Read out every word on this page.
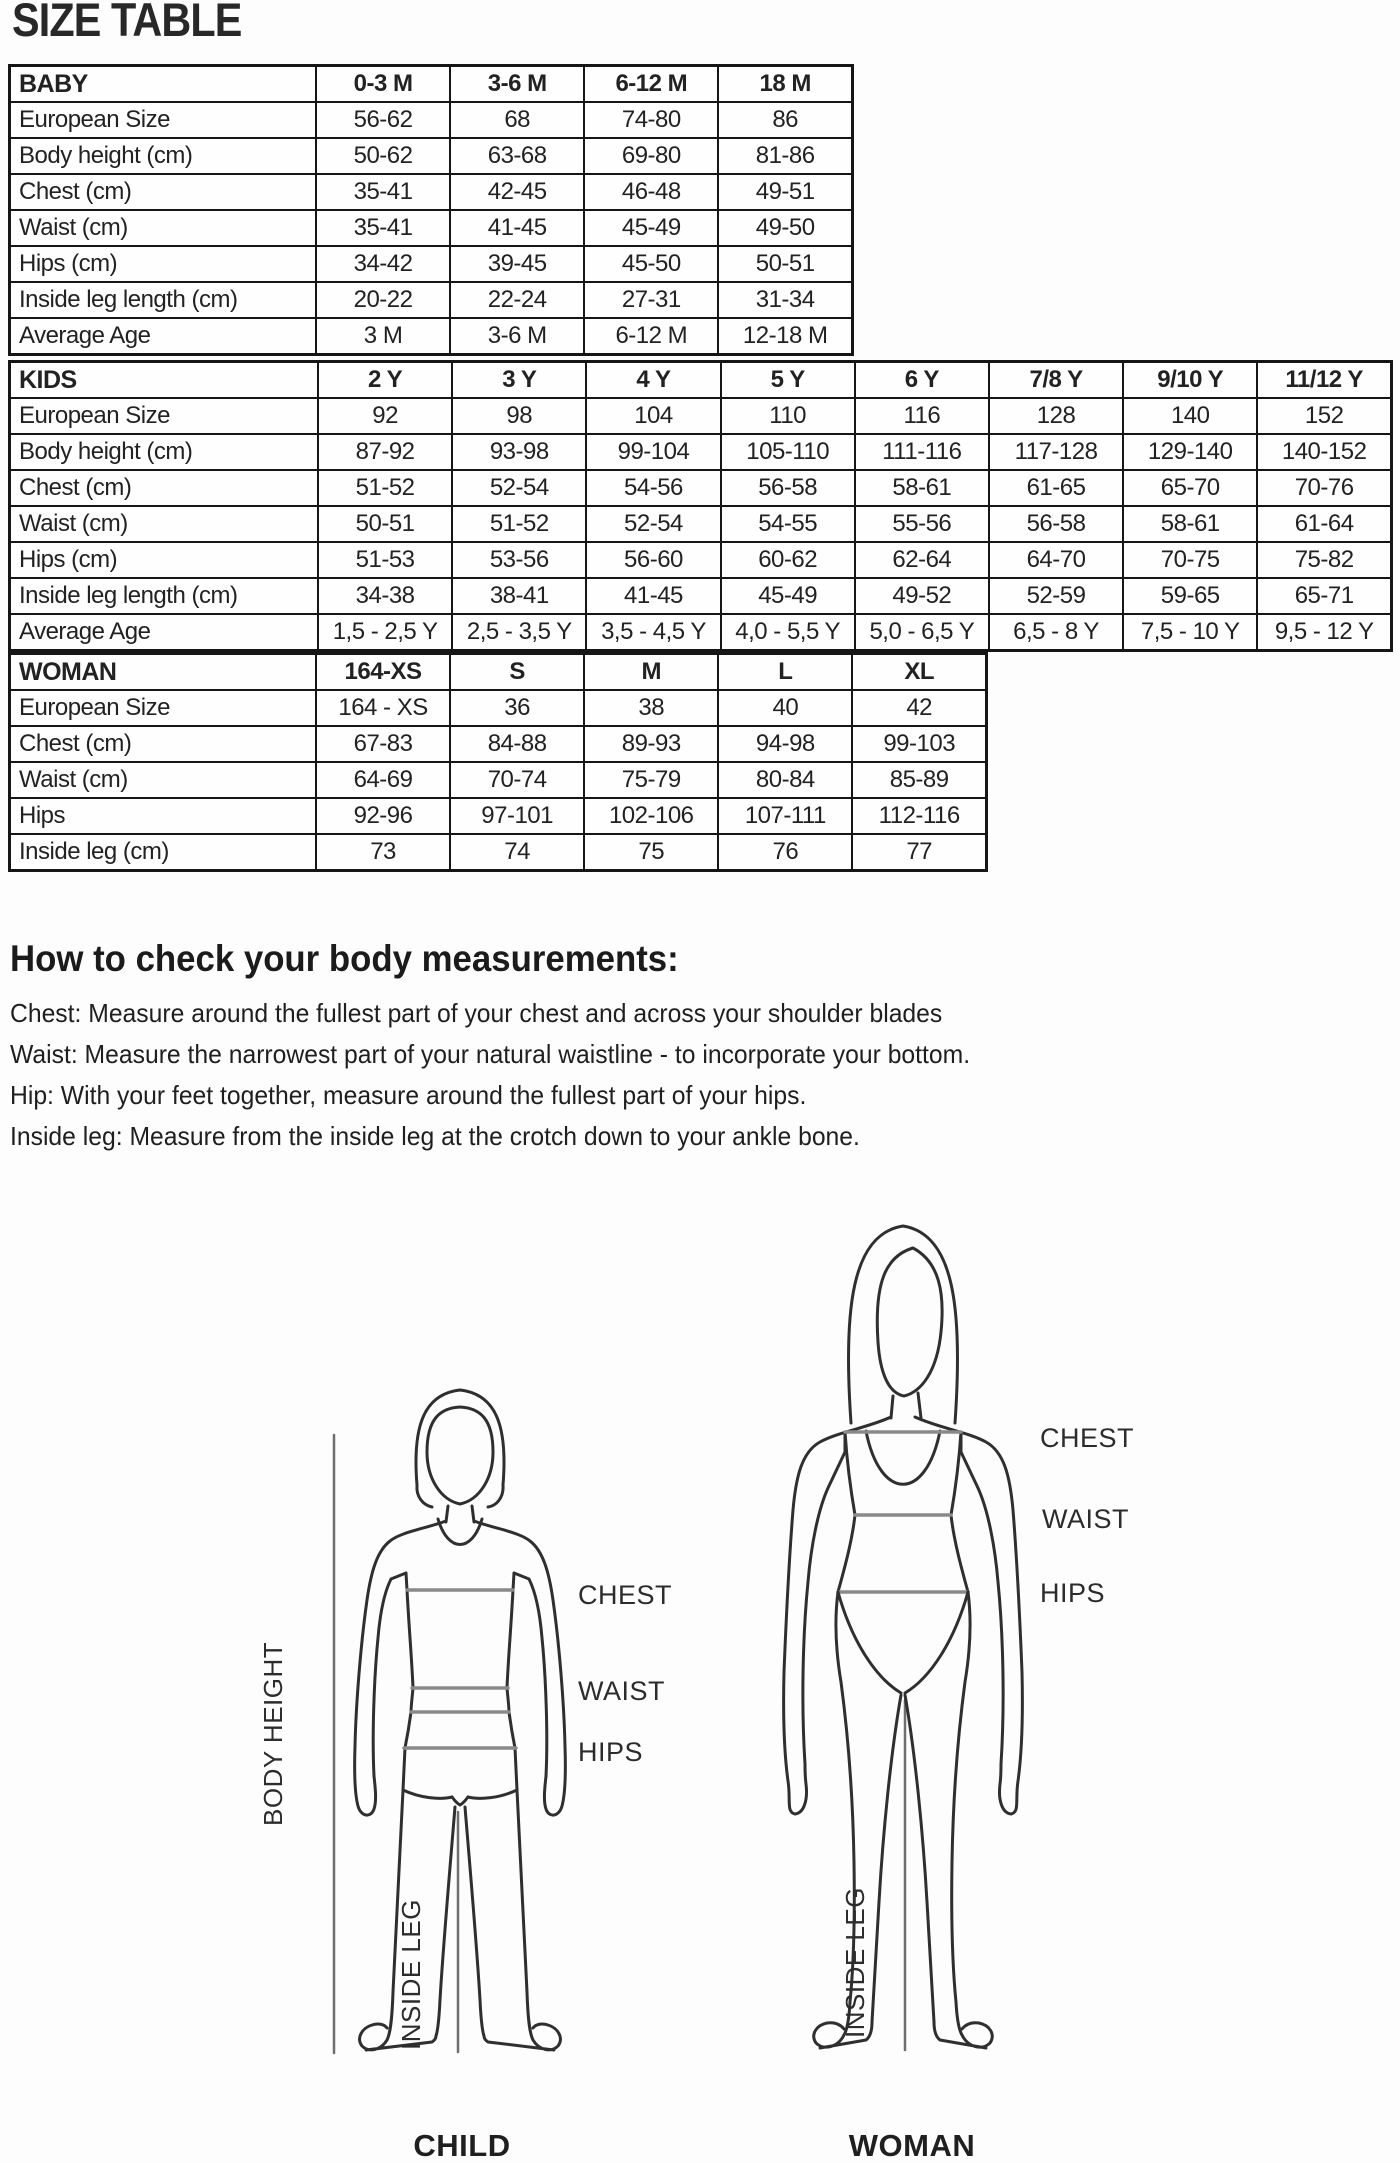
SIZE TABLE
BABY	0-3 M	3-6 M	6-12 M	18 M
European Size	56-62	68	74-80	86
Body height (cm)	50-62	63-68	69-80	81-86
Chest (cm)	35-41	42-45	46-48	49-51
Waist (cm)	35-41	41-45	45-49	49-50
Hips (cm)	34-42	39-45	45-50	50-51
Inside leg length (cm)	20-22	22-24	27-31	31-34
Average Age	3 M	3-6 M	6-12 M	12-18 M
KIDS	2 Y	3 Y	4 Y	5 Y	6 Y	7/8 Y	9/10 Y	11/12 Y
European Size	92	98	104	110	116	128	140	152
Body height (cm)	87-92	93-98	99-104	105-110	111-116	117-128	129-140	140-152
Chest (cm)	51-52	52-54	54-56	56-58	58-61	61-65	65-70	70-76
Waist (cm)	50-51	51-52	52-54	54-55	55-56	56-58	58-61	61-64
Hips (cm)	51-53	53-56	56-60	60-62	62-64	64-70	70-75	75-82
Inside leg length (cm)	34-38	38-41	41-45	45-49	49-52	52-59	59-65	65-71
Average Age	1,5 - 2,5 Y	2,5 - 3,5 Y	3,5 - 4,5 Y	4,0 - 5,5 Y	5,0 - 6,5 Y	6,5 - 8 Y	7,5 - 10 Y	9,5 - 12 Y
WOMAN	164-XS	S	M	L	XL
European Size	164 - XS	36	38	40	42
Chest (cm)	67-83	84-88	89-93	94-98	99-103
Waist (cm)	64-69	70-74	75-79	80-84	85-89
Hips	92-96	97-101	102-106	107-111	112-116
Inside leg (cm)	73	74	75	76	77
How to check your body measurements:
Chest: Measure around the fullest part of your chest and across your shoulder blades
Waist: Measure the narrowest part of your natural waistline - to incorporate your bottom.
Hip: With your feet together, measure around the fullest part of your hips.
Inside leg: Measure from the inside leg at the crotch down to your ankle bone.
BODY HEIGHT
INSIDE LEG	INSIDE LEG
CHEST
WAIST
HIPS
CHEST
WAIST
HIPS
CHILD	WOMAN
